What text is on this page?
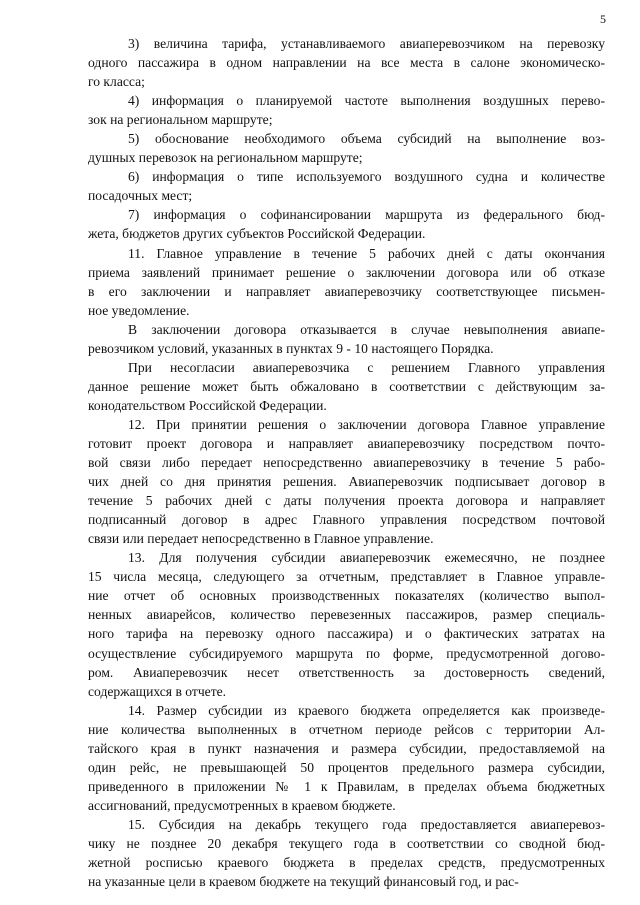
5
3) величина тарифа, устанавливаемого авиаперевозчиком на перевозку
одного пассажира в одном направлении на все места в салоне экономическо-
го класса;
4) информация о планируемой частоте выполнения воздушных перево-
зок на региональном маршруте;
5) обоснование необходимого объема субсидий на выполнение воз-
душных перевозок на региональном маршруте;
6) информация о типе используемого воздушного судна и количестве
посадочных мест;
7) информация о софинансировании маршрута из федерального бюд-
жета, бюджетов других субъектов Российской Федерации.
11. Главное управление в течение 5 рабочих дней с даты окончания
приема заявлений принимает решение о заключении договора или об отказе
в его заключении и направляет авиаперевозчику соответствующее письмен-
ное уведомление.
В заключении договора отказывается в случае невыполнения авиапе-
ревозчиком условий, указанных в пунктах 9 - 10 настоящего Порядка.
При несогласии авиаперевозчика с решением Главного управления
данное решение может быть обжаловано в соответствии с действующим за-
конодательством Российской Федерации.
12. При принятии решения о заключении договора Главное управление
готовит проект договора и направляет авиаперевозчику посредством почто-
вой связи либо передает непосредственно авиаперевозчику в течение 5 рабо-
чих дней со дня принятия решения. Авиаперевозчик подписывает договор в
течение 5 рабочих дней с даты получения проекта договора и направляет
подписанный договор в адрес Главного управления посредством почтовой
связи или передает непосредственно в Главное управление.
13. Для получения субсидии авиаперевозчик ежемесячно, не позднее
15 числа месяца, следующего за отчетным, представляет в Главное управле-
ние отчет об основных производственных показателях (количество выпол-
ненных авиарейсов, количество перевезенных пассажиров, размер специаль-
ного тарифа на перевозку одного пассажира) и о фактических затратах на
осуществление субсидируемого маршрута по форме, предусмотренной догово-
ром. Авиаперевозчик несет ответственность за достоверность сведений,
содержащихся в отчете.
14. Размер субсидии из краевого бюджета определяется как произведе-
ние количества выполненных в отчетном периоде рейсов с территории Ал-
тайского края в пункт назначения и размера субсидии, предоставляемой на
один рейс, не превышающей 50 процентов предельного размера субсидии,
приведенного в приложении № 1 к Правилам, в пределах объема бюджетных
ассигнований, предусмотренных в краевом бюджете.
15. Субсидия на декабрь текущего года предоставляется авиаперевоз-
чику не позднее 20 декабря текущего года в соответствии со сводной бюд-
жетной росписью краевого бюджета в пределах средств, предусмотренных
на указанные цели в краевом бюджете на текущий финансовый год, и рас-
